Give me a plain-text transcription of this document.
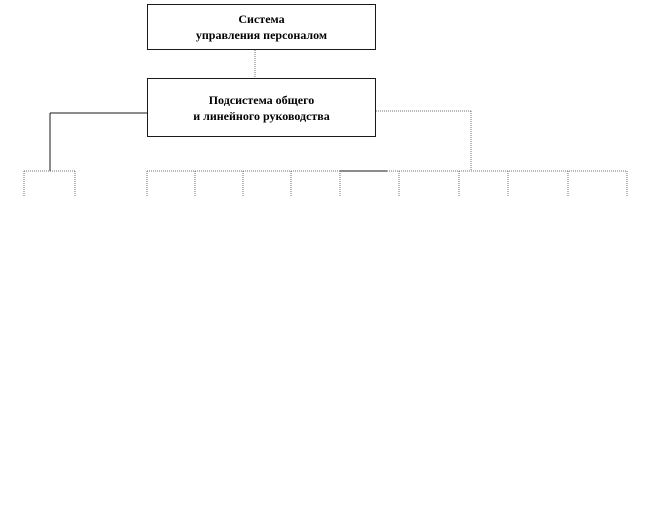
Система
управления персоналом
Подсистема общего
и линейного руководства
